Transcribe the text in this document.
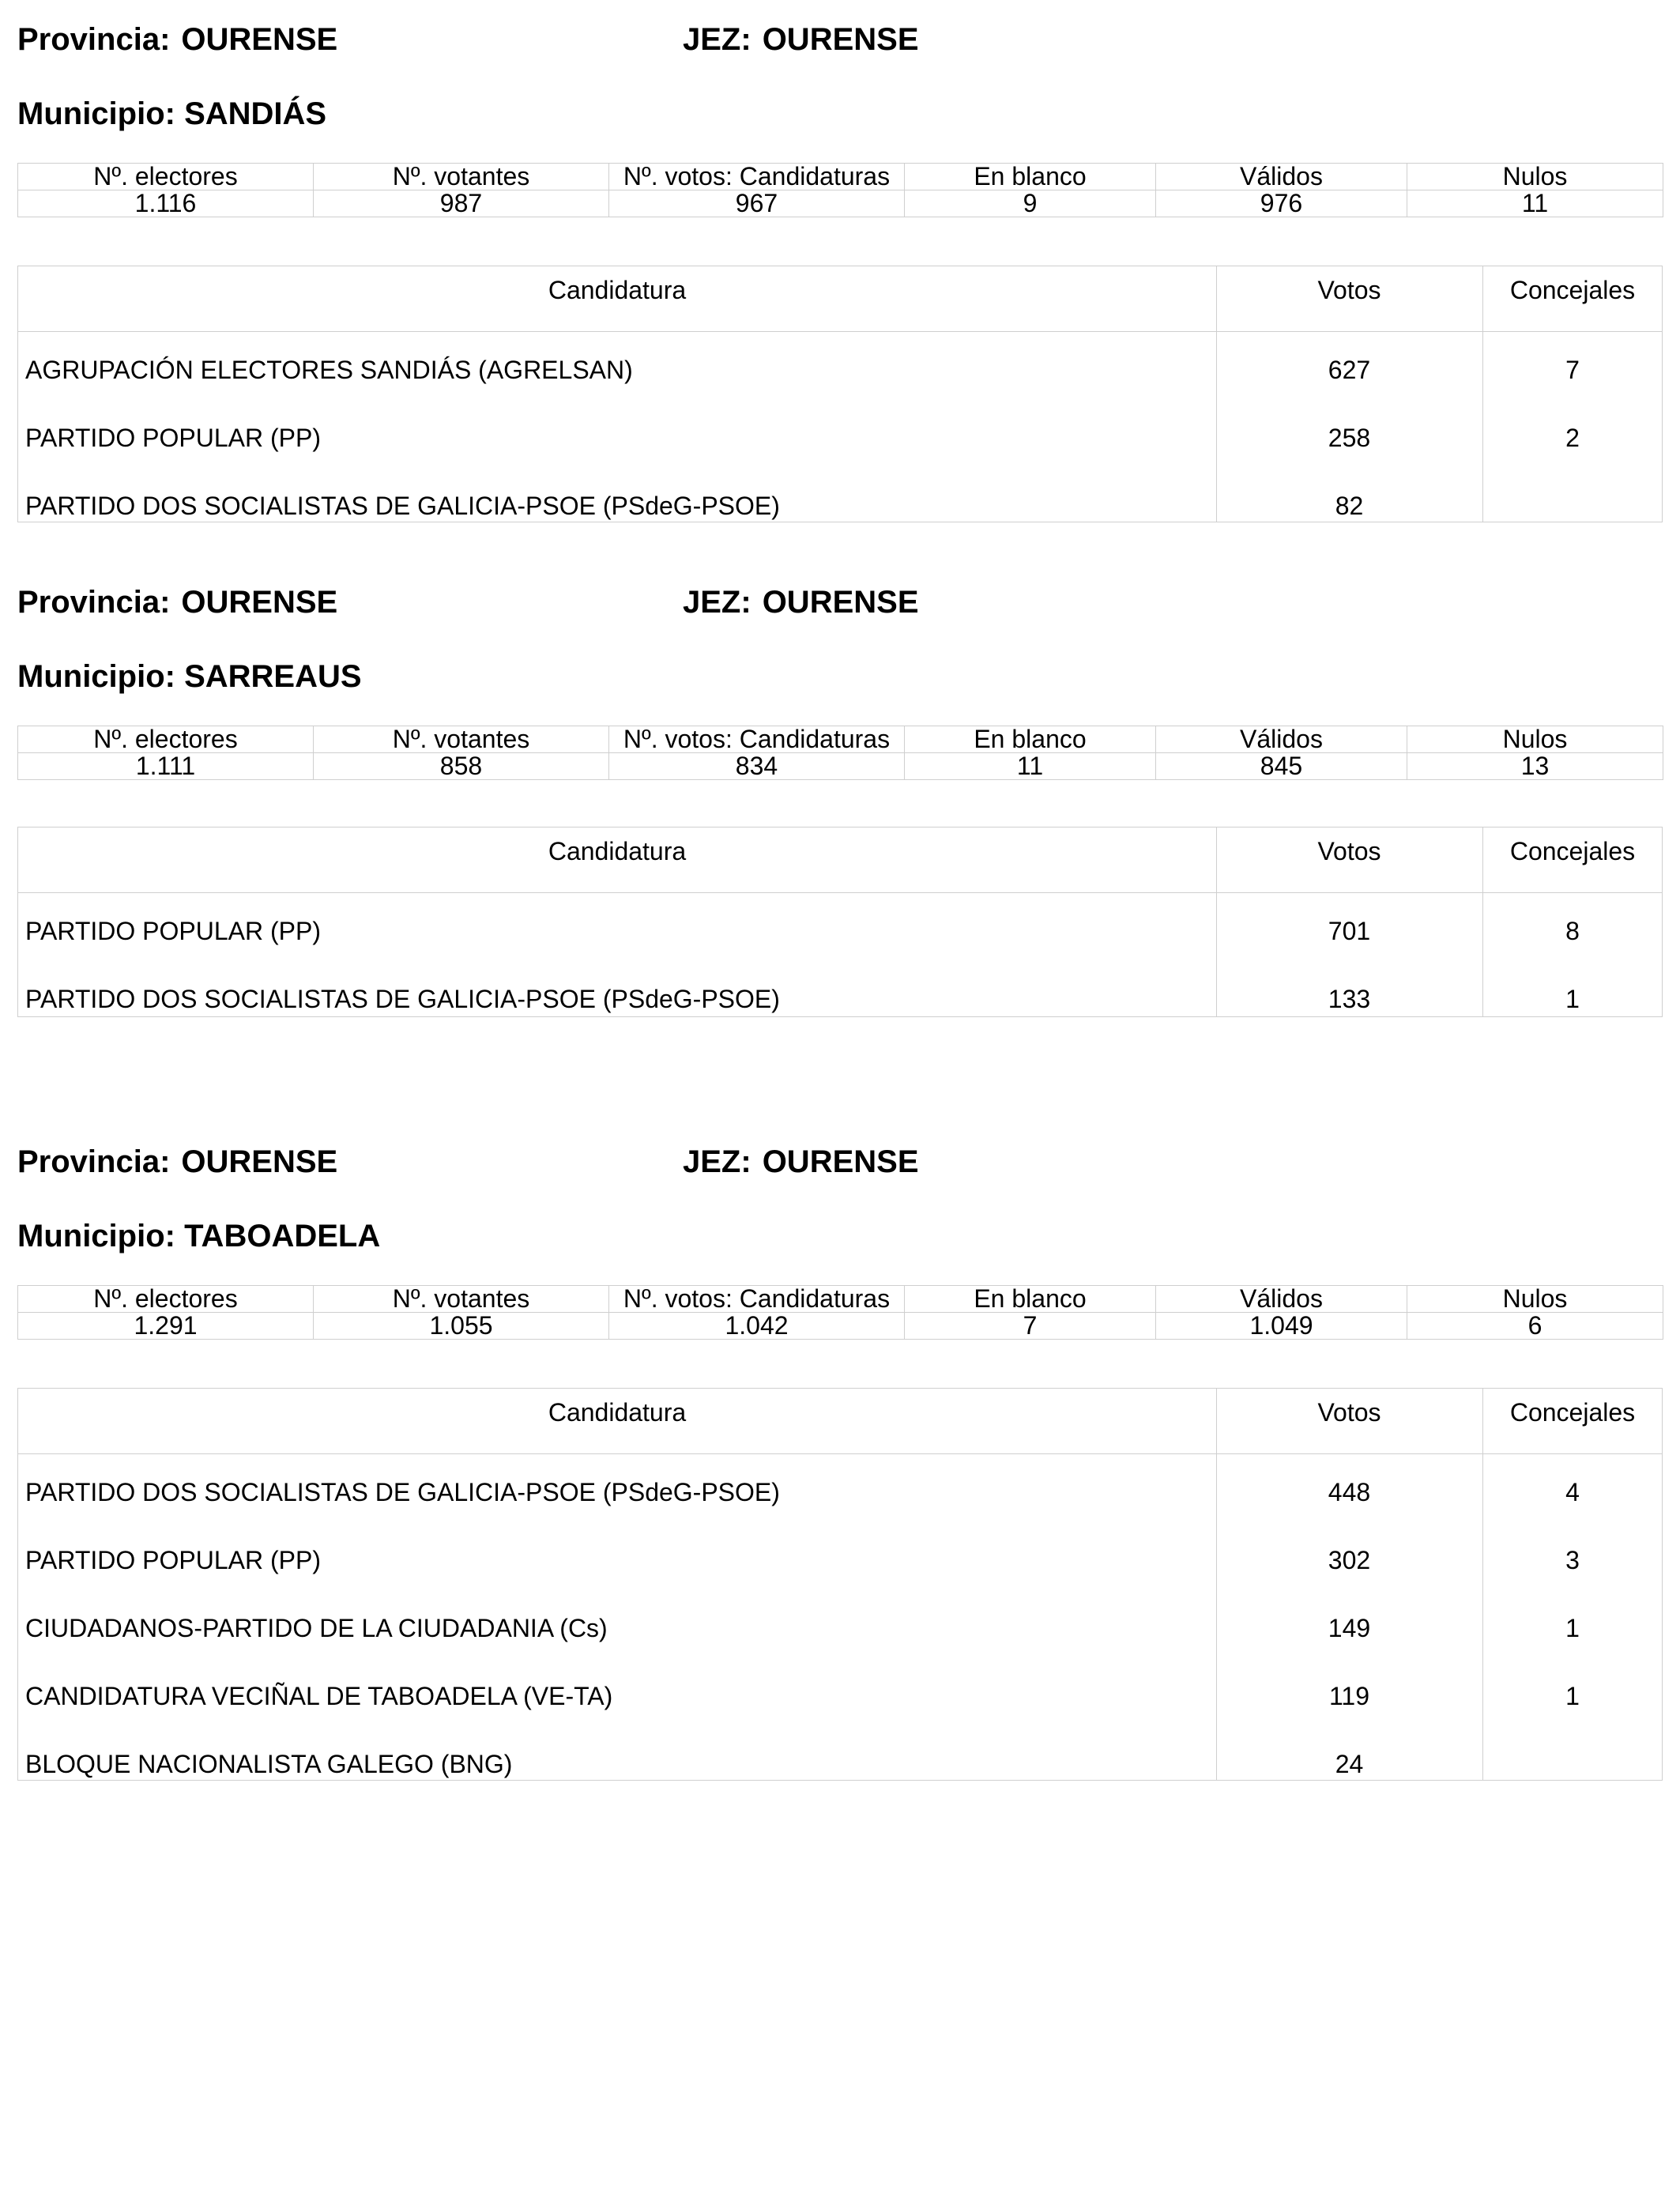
Provincia: OURENSE	JEZ: OURENSE
Municipio: SANDIÁS
Nº. electores	Nº. votantes	Nº. votos: Candidaturas	En blanco	Válidos	Nulos
1.116	987	967	9	976	11
Candidatura	Votos	Concejales
AGRUPACIÓN ELECTORES SANDIÁS (AGRELSAN)	627	7
PARTIDO POPULAR (PP)	258	2
PARTIDO DOS SOCIALISTAS DE GALICIA-PSOE (PSdeG-PSOE)	82
Provincia: OURENSE	JEZ: OURENSE
Municipio: SARREAUS
Nº. electores	Nº. votantes	Nº. votos: Candidaturas	En blanco	Válidos	Nulos
1.111	858	834	11	845	13
Candidatura	Votos	Concejales
PARTIDO POPULAR (PP)	701	8
PARTIDO DOS SOCIALISTAS DE GALICIA-PSOE (PSdeG-PSOE)	133	1
Provincia: OURENSE	JEZ: OURENSE
Municipio: TABOADELA
Nº. electores	Nº. votantes	Nº. votos: Candidaturas	En blanco	Válidos	Nulos
1.291	1.055	1.042	7	1.049	6
Candidatura	Votos	Concejales
PARTIDO DOS SOCIALISTAS DE GALICIA-PSOE (PSdeG-PSOE)	448	4
PARTIDO POPULAR (PP)	302	3
CIUDADANOS-PARTIDO DE LA CIUDADANIA (Cs)	149	1
CANDIDATURA VECIÑAL DE TABOADELA (VE-TA)	119	1
BLOQUE NACIONALISTA GALEGO (BNG)	24
